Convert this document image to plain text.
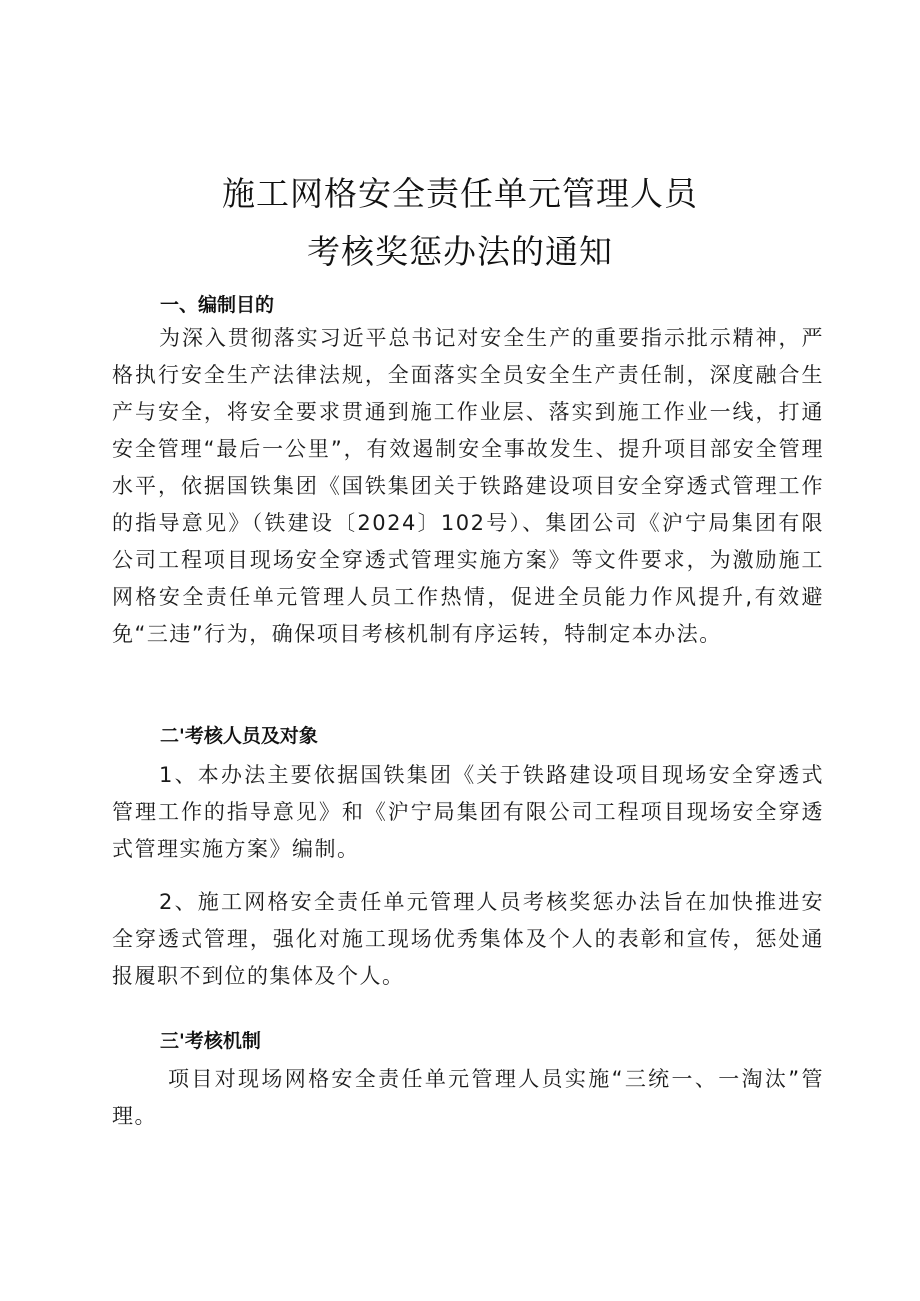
施工网格安全责任单元管理人员
考核奖惩办法的通知
一、编制目的
为深入贯彻落实习近平总书记对安全生产的重要指示批示精神，严格执行安全生产法律法规，全面落实全员安全生产责任制，深度融合生产与安全，将安全要求贯通到施工作业层、落实到施工作业一线，打通安全管理“最后一公里”，有效遏制安全事故发生、提升项目部安全管理水平，依据国铁集团《国铁集团关于铁路建设项目安全穿透式管理工作的指导意见》（铁建设〔2024〕102号）、集团公司《沪宁局集团有限公司工程项目现场安全穿透式管理实施方案》等文件要求，为激励施工网格安全责任单元管理人员工作热情，促进全员能力作风提升,有效避免“三违”行为，确保项目考核机制有序运转，特制定本办法。
二'考核人员及对象
1、本办法主要依据国铁集团《关于铁路建设项目现场安全穿透式管理工作的指导意见》和《沪宁局集团有限公司工程项目现场安全穿透式管理实施方案》编制。
2、施工网格安全责任单元管理人员考核奖惩办法旨在加快推进安全穿透式管理，强化对施工现场优秀集体及个人的表彰和宣传，惩处通报履职不到位的集体及个人。
三'考核机制
项目对现场网格安全责任单元管理人员实施“三统一、一淘汰”管理。
